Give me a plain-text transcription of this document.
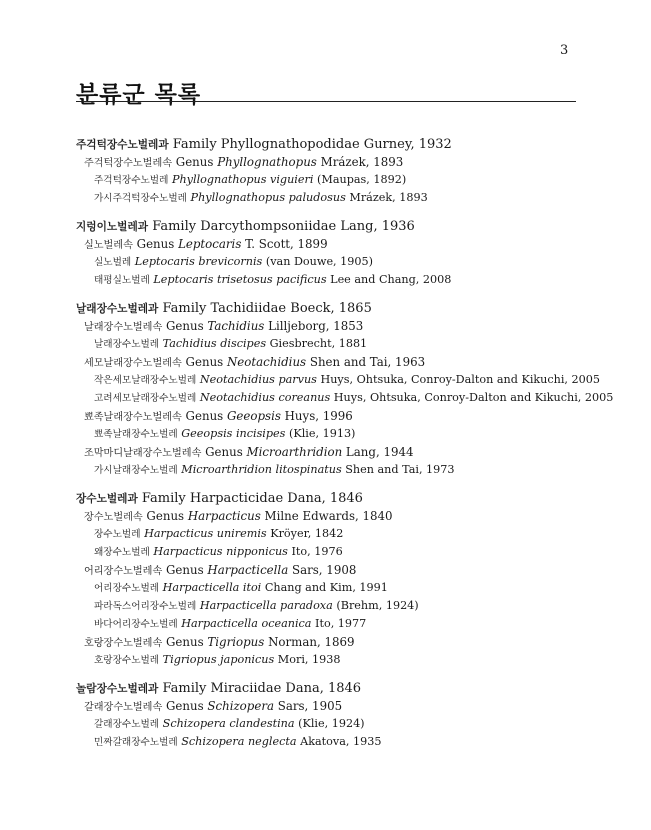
3
분류군 목록
주걱턱장수노벌레과 Family Phyllognathopodidae Gurney, 1932
주걱턱장수노벌레속 Genus Phyllognathopus Mrázek, 1893
주걱턱장수노벌레 Phyllognathopus viguieri (Maupas, 1892)
가시주걱턱장수노벌레 Phyllognathopus paludosus Mrázek, 1893
지렁이노벌레과 Family Darcythompsoniidae Lang, 1936
실노벌레속 Genus Leptocaris T. Scott, 1899
실노벌레 Leptocaris brevicornis (van Douwe, 1905)
태평실노벌레 Leptocaris trisetosus pacificus Lee and Chang, 2008
날래장수노벌레과 Family Tachidiidae Boeck, 1865
날래장수노벌레속 Genus Tachidius Lilljeborg, 1853
날래장수노벌레 Tachidius discipes Giesbrecht, 1881
세모날래장수노벌레속 Genus Neotachidius Shen and Tai, 1963
작은세모날래장수노벌레 Neotachidius parvus Huys, Ohtsuka, Conroy-Dalton and Kikuchi, 2005
고려세모날래장수노벌레 Neotachidius coreanus Huys, Ohtsuka, Conroy-Dalton and Kikuchi, 2005
뾰족날래장수노벌레속 Genus Geeopsis Huys, 1996
뾰족날래장수노벌레 Geeopsis incisipes (Klie, 1913)
조막마디날래장수노벌레속 Genus Microarthridion Lang, 1944
가시날래장수노벌레 Microarthridion litospinatus Shen and Tai, 1973
장수노벌레과 Family Harpacticidae Dana, 1846
장수노벌레속 Genus Harpacticus Milne Edwards, 1840
장수노벌레 Harpacticus uniremis Kröyer, 1842
왜장수노벌레 Harpacticus nipponicus Ito, 1976
어리장수노벌레속 Genus Harpacticella Sars, 1908
어리장수노벌레 Harpacticella itoi Chang and Kim, 1991
파라독스어리장수노벌레 Harpacticella paradoxa (Brehm, 1924)
바다어리장수노벌레 Harpacticella oceanica Ito, 1977
호랑장수노벌레속 Genus Tigriopus Norman, 1869
호랑장수노벌레 Tigriopus japonicus Mori, 1938
놀람장수노벌레과 Family Miraciidae Dana, 1846
갈래장수노벌레속 Genus Schizopera Sars, 1905
갈래장수노벌레 Schizopera clandestina (Klie, 1924)
민짜갈래장수노벌레 Schizopera neglecta Akatova, 1935
